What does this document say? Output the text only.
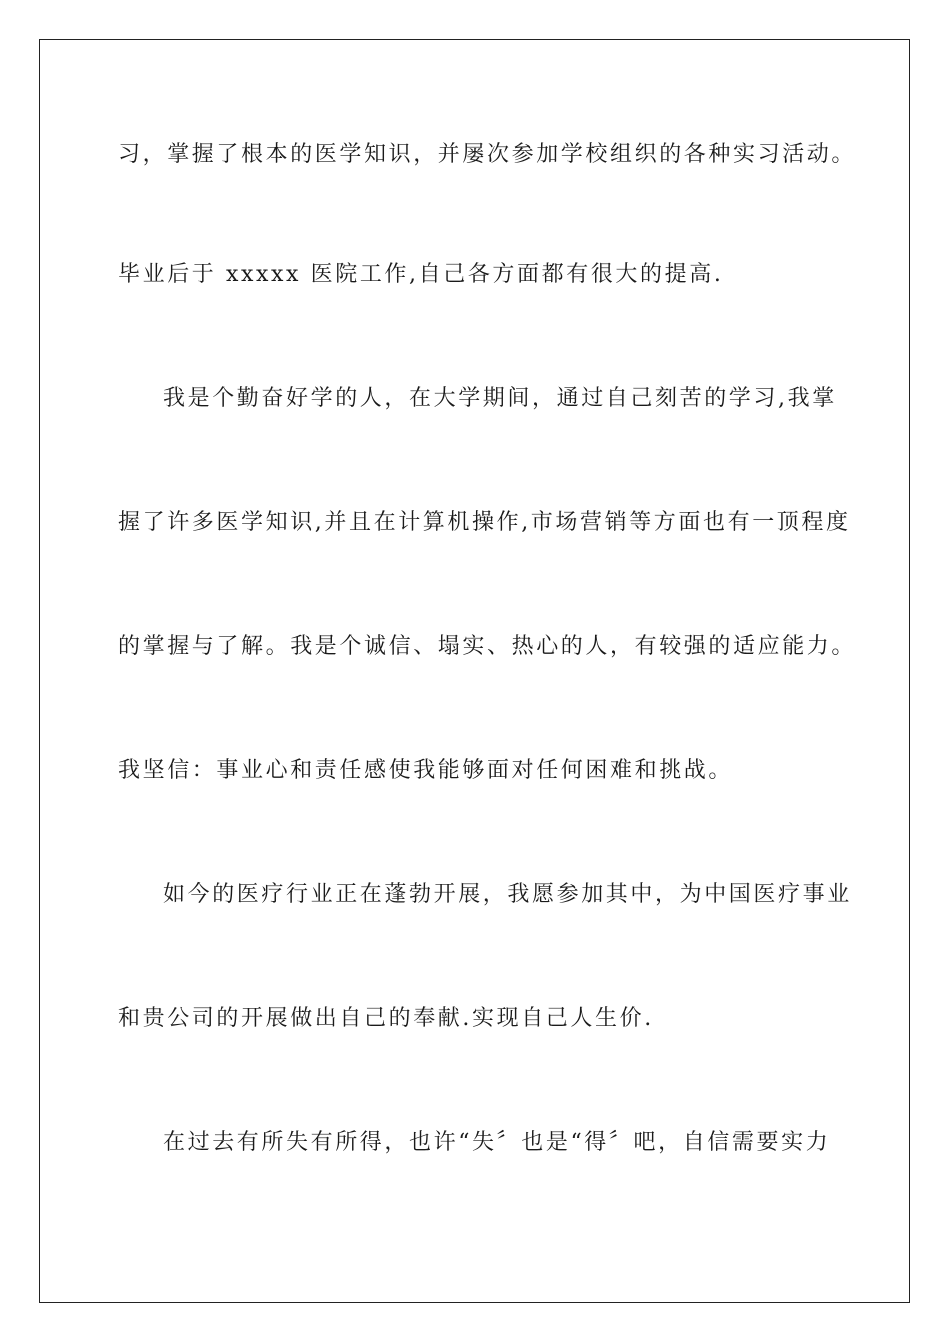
习，掌握了根本的医学知识，并屡次参加学校组织的各种实习活动。
毕业后于 xxxxx 医院工作,自己各方面都有很大的提高.
我是个勤奋好学的人，在大学期间，通过自己刻苦的学习,我掌
握了许多医学知识,并且在计算机操作,市场营销等方面也有一顶程度
的掌握与了解。我是个诚信、塌实、热心的人，有较强的适应能力。
我坚信：事业心和责任感使我能够面对任何困难和挑战。
如今的医疗行业正在蓬勃开展，我愿参加其中，为中国医疗事业
和贵公司的开展做出自己的奉献.实现自己人生价.
在过去有所失有所得，也许“失〞也是“得〞吧，自信需要实力
